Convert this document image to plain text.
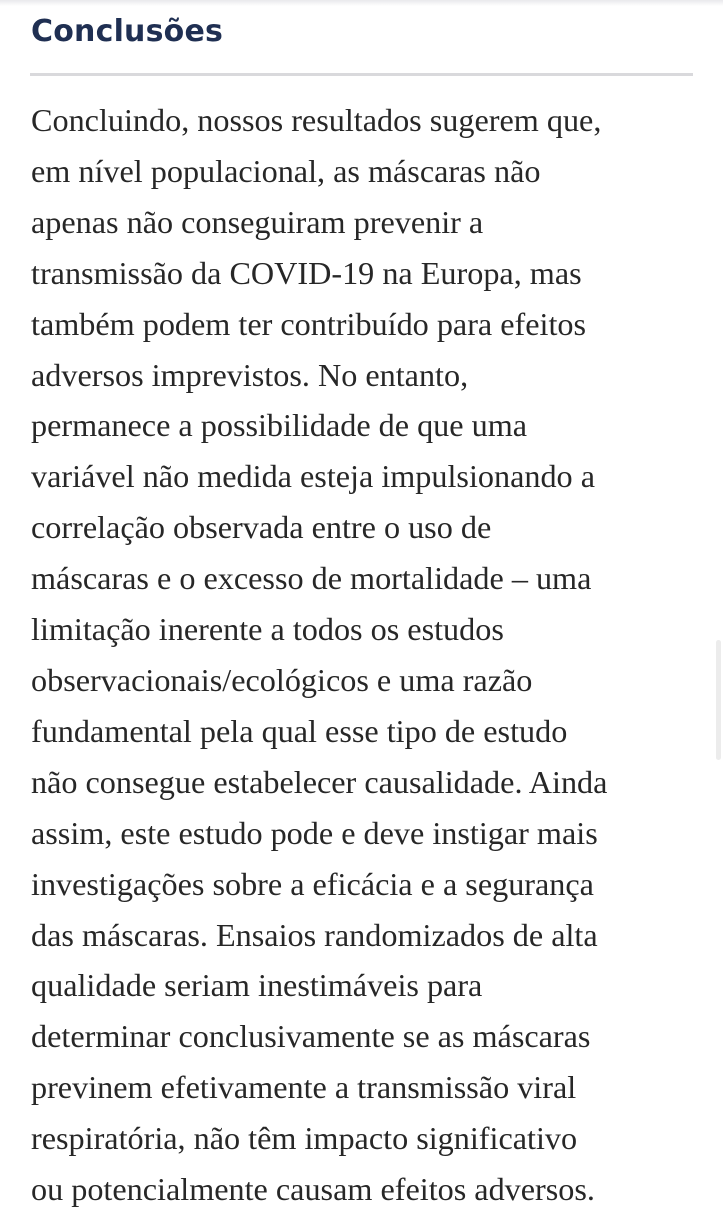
Conclusões

Concluindo, nossos resultados sugerem que,
em nível populacional, as máscaras não
apenas não conseguiram prevenir a
transmissão da COVID-19 na Europa, mas
também podem ter contribuído para efeitos
adversos imprevistos. No entanto,
permanece a possibilidade de que uma
variável não medida esteja impulsionando a
correlação observada entre o uso de
máscaras e o excesso de mortalidade – uma
limitação inerente a todos os estudos
observacionais/ecológicos e uma razão
fundamental pela qual esse tipo de estudo
não consegue estabelecer causalidade. Ainda
assim, este estudo pode e deve instigar mais
investigações sobre a eficácia e a segurança
das máscaras. Ensaios randomizados de alta
qualidade seriam inestimáveis para
determinar conclusivamente se as máscaras
previnem efetivamente a transmissão viral
respiratória, não têm impacto significativo
ou potencialmente causam efeitos adversos.
